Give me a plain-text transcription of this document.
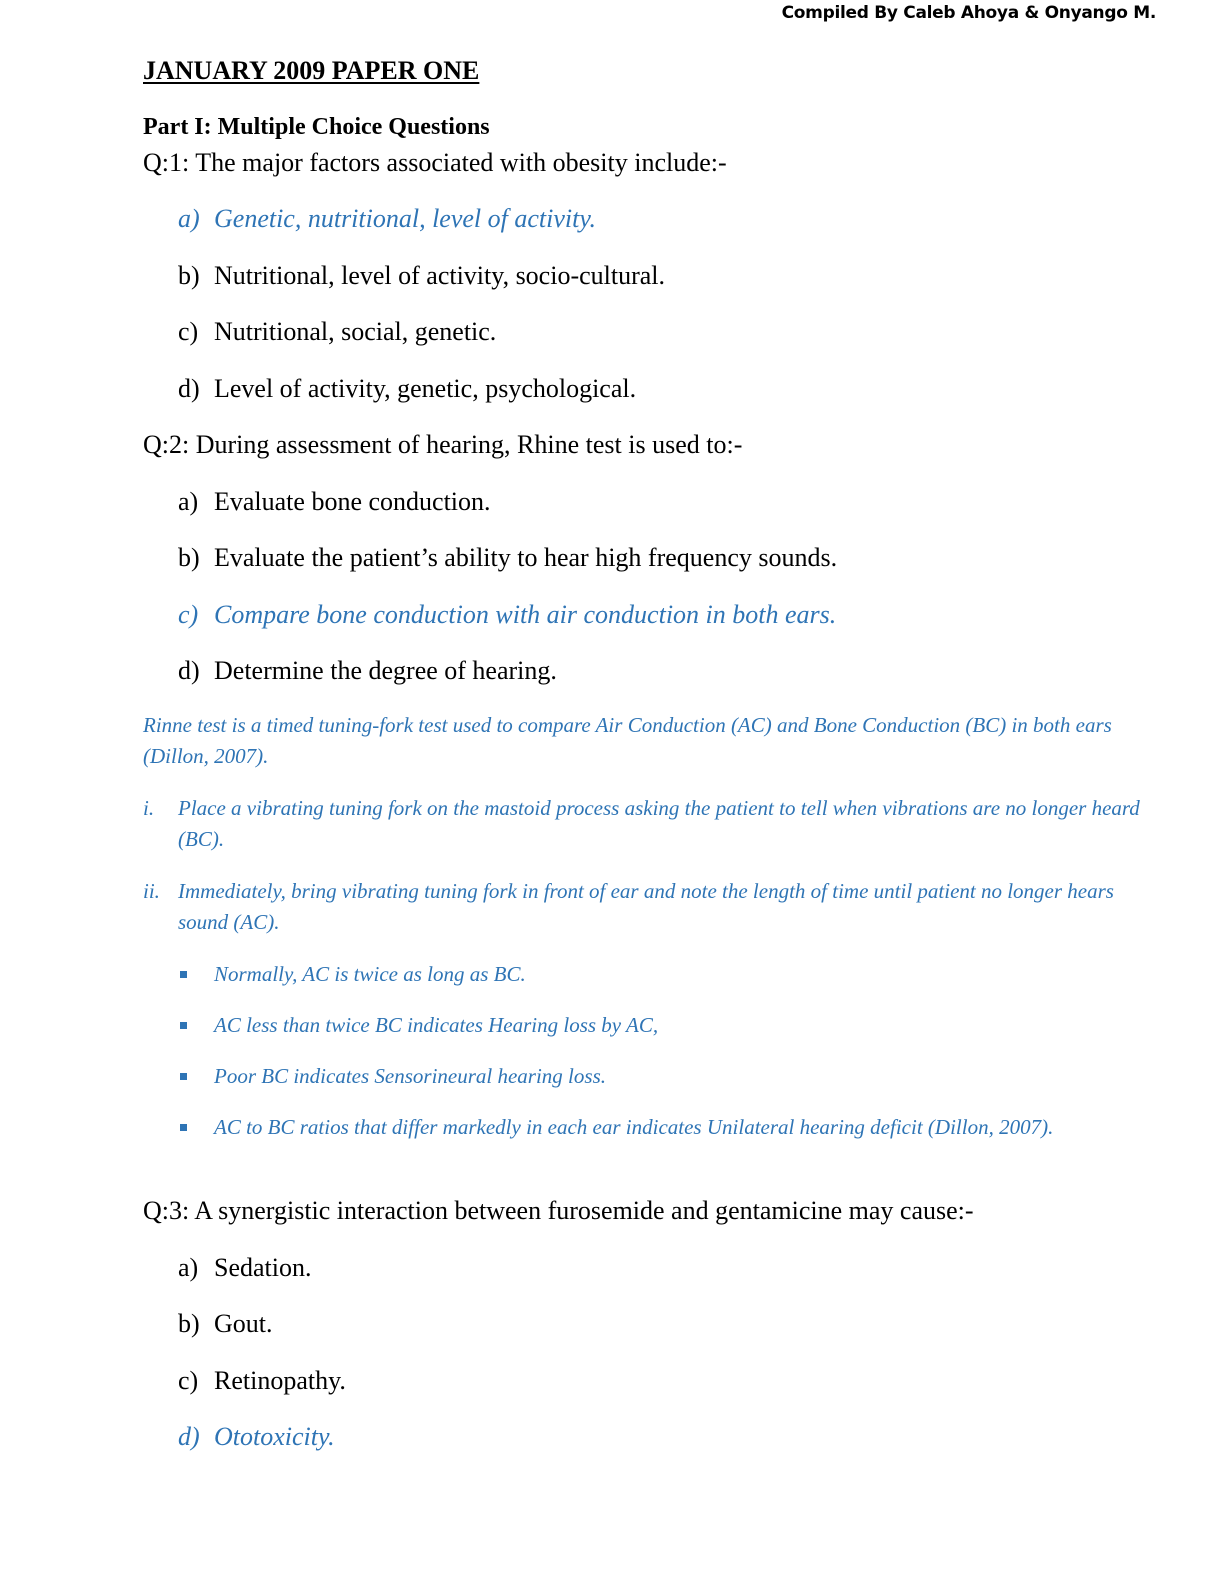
Compiled By Caleb Ahoya & Onyango M.
JANUARY 2009 PAPER ONE
Part I: Multiple Choice Questions
Q:1: The major factors associated with obesity include:-
a) Genetic, nutritional, level of activity.
b) Nutritional, level of activity, socio-cultural.
c) Nutritional, social, genetic.
d) Level of activity, genetic, psychological.
Q:2: During assessment of hearing, Rhine test is used to:-
a) Evaluate bone conduction.
b) Evaluate the patient’s ability to hear high frequency sounds.
c) Compare bone conduction with air conduction in both ears.
d) Determine the degree of hearing.
Rinne test is a timed tuning-fork test used to compare Air Conduction (AC) and Bone Conduction (BC) in both ears (Dillon, 2007).
i. Place a vibrating tuning fork on the mastoid process asking the patient to tell when vibrations are no longer heard (BC).
ii. Immediately, bring vibrating tuning fork in front of ear and note the length of time until patient no longer hears sound (AC).
Normally, AC is twice as long as BC.
AC less than twice BC indicates Hearing loss by AC,
Poor BC indicates Sensorineural hearing loss.
AC to BC ratios that differ markedly in each ear indicates Unilateral hearing deficit (Dillon, 2007).
Q:3: A synergistic interaction between furosemide and gentamicine may cause:-
a) Sedation.
b) Gout.
c) Retinopathy.
d) Ototoxicity.
